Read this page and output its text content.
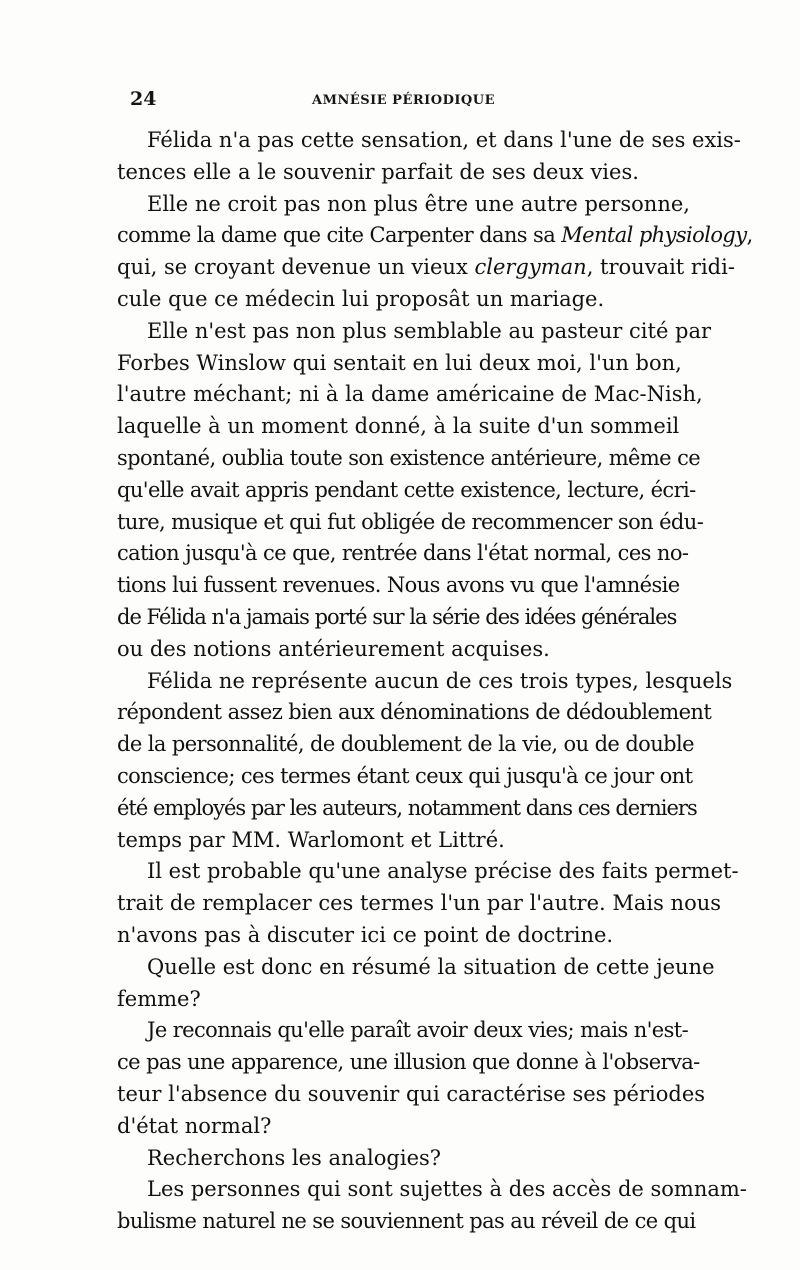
24	AMNÉSIE PÉRIODIQUE
Félida n'a pas cette sensation, et dans l'une de ses exis-
tences elle a le souvenir parfait de ses deux vies.
Elle ne croit pas non plus être une autre personne,
comme la dame que cite Carpenter dans sa Mental physiology,
qui, se croyant devenue un vieux clergyman, trouvait ridi-
cule que ce médecin lui proposât un mariage.
Elle n'est pas non plus semblable au pasteur cité par
Forbes Winslow qui sentait en lui deux moi, l'un bon,
l'autre méchant; ni à la dame américaine de Mac-Nish,
laquelle à un moment donné, à la suite d'un sommeil
spontané, oublia toute son existence antérieure, même ce
qu'elle avait appris pendant cette existence, lecture, écri-
ture, musique et qui fut obligée de recommencer son édu-
cation jusqu'à ce que, rentrée dans l'état normal, ces no-
tions lui fussent revenues. Nous avons vu que l'amnésie
de Félida n'a jamais porté sur la série des idées générales
ou des notions antérieurement acquises.
Félida ne représente aucun de ces trois types, lesquels
répondent assez bien aux dénominations de dédoublement
de la personnalité, de doublement de la vie, ou de double
conscience; ces termes étant ceux qui jusqu'à ce jour ont
été employés par les auteurs, notamment dans ces derniers
temps par MM. Warlomont et Littré.
Il est probable qu'une analyse précise des faits permet-
trait de remplacer ces termes l'un par l'autre. Mais nous
n'avons pas à discuter ici ce point de doctrine.
Quelle est donc en résumé la situation de cette jeune
femme?
Je reconnais qu'elle paraît avoir deux vies; mais n'est-
ce pas une apparence, une illusion que donne à l'observa-
teur l'absence du souvenir qui caractérise ses périodes
d'état normal?
Recherchons les analogies?
Les personnes qui sont sujettes à des accès de somnam-
bulisme naturel ne se souviennent pas au réveil de ce qui
